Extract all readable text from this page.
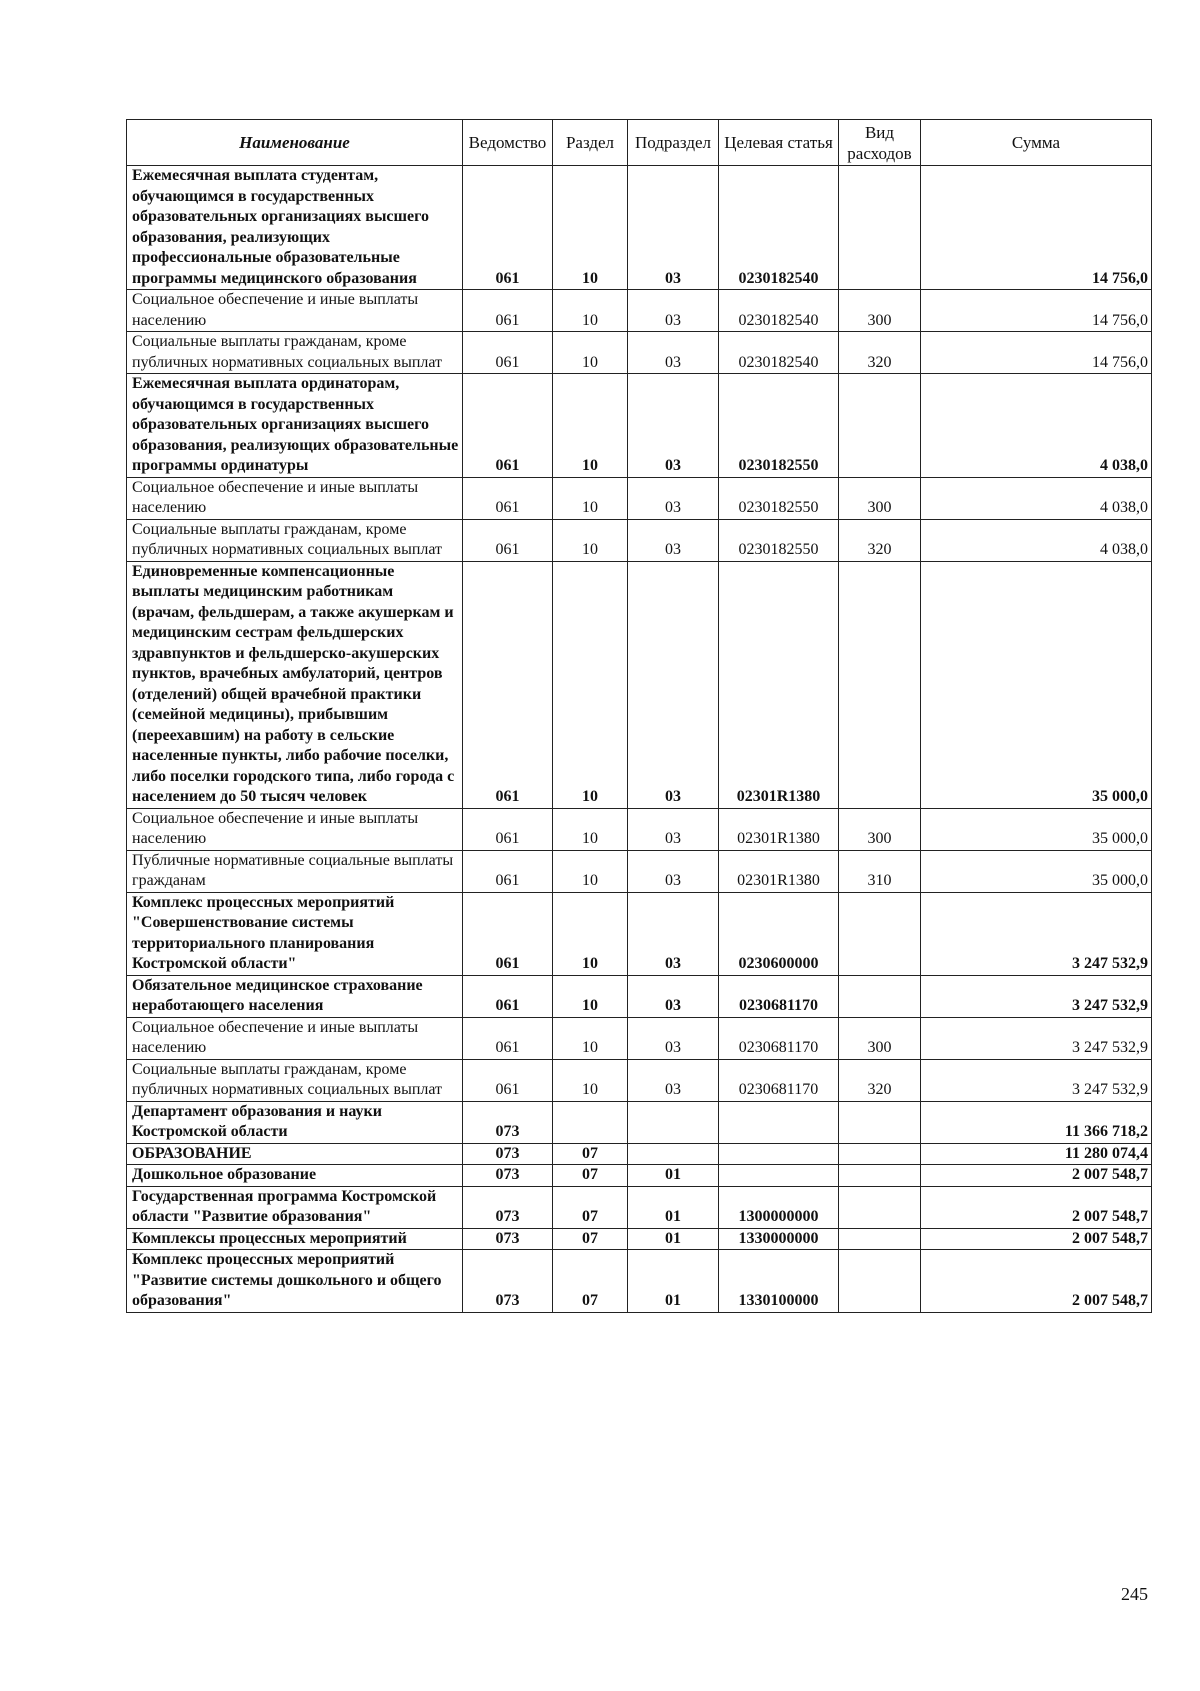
Наименование	Ведомство	Раздел	Подраздел	Целевая статья	Вид расходов	Сумма
Ежемесячная выплата студентам, обучающимся в государственных образовательных организациях высшего образования, реализующих профессиональные образовательные программы медицинского образования	061	10	03	0230182540		14 756,0
Социальное обеспечение и иные выплаты населению	061	10	03	0230182540	300	14 756,0
Социальные выплаты гражданам, кроме публичных нормативных социальных выплат	061	10	03	0230182540	320	14 756,0
Ежемесячная выплата ординаторам, обучающимся в государственных образовательных организациях высшего образования, реализующих образовательные программы ординатуры	061	10	03	0230182550		4 038,0
Социальное обеспечение и иные выплаты населению	061	10	03	0230182550	300	4 038,0
Социальные выплаты гражданам, кроме публичных нормативных социальных выплат	061	10	03	0230182550	320	4 038,0
Единовременные компенсационные выплаты медицинским работникам (врачам, фельдшерам, а также акушеркам и медицинским сестрам фельдшерских здравпунктов и фельдшерско-акушерских пунктов, врачебных амбулаторий, центров (отделений) общей врачебной практики (семейной медицины), прибывшим (переехавшим) на работу в сельские населенные пункты, либо рабочие поселки, либо поселки городского типа, либо города с населением до 50 тысяч человек	061	10	03	02301R1380		35 000,0
Социальное обеспечение и иные выплаты населению	061	10	03	02301R1380	300	35 000,0
Публичные нормативные социальные выплаты гражданам	061	10	03	02301R1380	310	35 000,0
Комплекс процессных мероприятий "Совершенствование системы территориального планирования Костромской области"	061	10	03	0230600000		3 247 532,9
Обязательное медицинское страхование неработающего населения	061	10	03	0230681170		3 247 532,9
Социальное обеспечение и иные выплаты населению	061	10	03	0230681170	300	3 247 532,9
Социальные выплаты гражданам, кроме публичных нормативных социальных выплат	061	10	03	0230681170	320	3 247 532,9
Департамент образования и науки Костромской области	073					11 366 718,2
ОБРАЗОВАНИЕ	073	07				11 280 074,4
Дошкольное образование	073	07	01			2 007 548,7
Государственная программа Костромской области "Развитие образования"	073	07	01	1300000000		2 007 548,7
Комплексы процессных мероприятий	073	07	01	1330000000		2 007 548,7
Комплекс процессных мероприятий "Развитие системы дошкольного и общего образования"	073	07	01	1330100000		2 007 548,7
245
